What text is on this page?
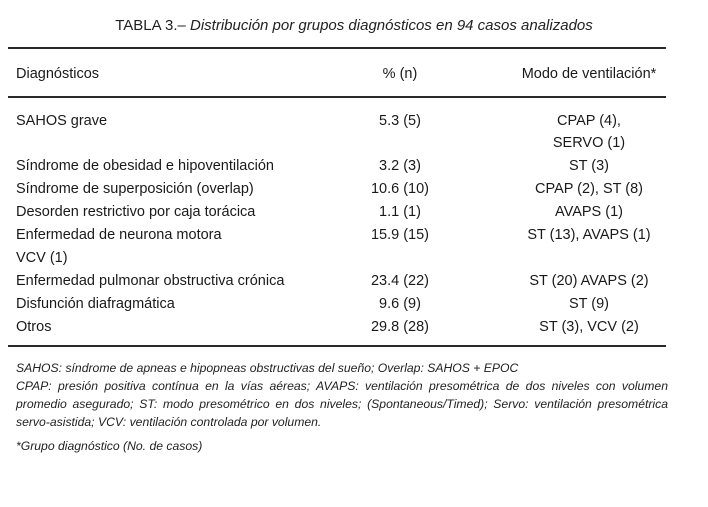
TABLA 3.– Distribución por grupos diagnósticos en 94 casos analizados
Diagnósticos	% (n)	Modo de ventilación*
SAHOS grave	5.3 (5)	CPAP (4),
SERVO (1)
Síndrome de obesidad e hipoventilación	3.2 (3)	ST (3)
Síndrome de superposición (overlap)	10.6 (10)	CPAP (2), ST (8)
Desorden restrictivo por caja torácica	1.1 (1)	AVAPS (1)
Enfermedad de neurona motora	15.9 (15)	ST (13), AVAPS (1)
VCV (1)
Enfermedad pulmonar obstructiva crónica	23.4 (22)	ST (20) AVAPS (2)
Disfunción diafragmática	9.6 (9)	ST (9)
Otros	29.8 (28)	ST (3), VCV (2)

SAHOS: síndrome de apneas e hipopneas obstructivas del sueño; Overlap: SAHOS + EPOC

CPAP: presión positiva contínua en la vías aéreas; AVAPS: ventilación presométrica de dos niveles con volumen promedio asegurado; ST: modo presométrico en dos niveles; (Spontaneous/Timed); Servo: ventilación presométrica servo-asistida; VCV: ventilación controlada por volumen.

*Grupo diagnóstico (No. de casos)
